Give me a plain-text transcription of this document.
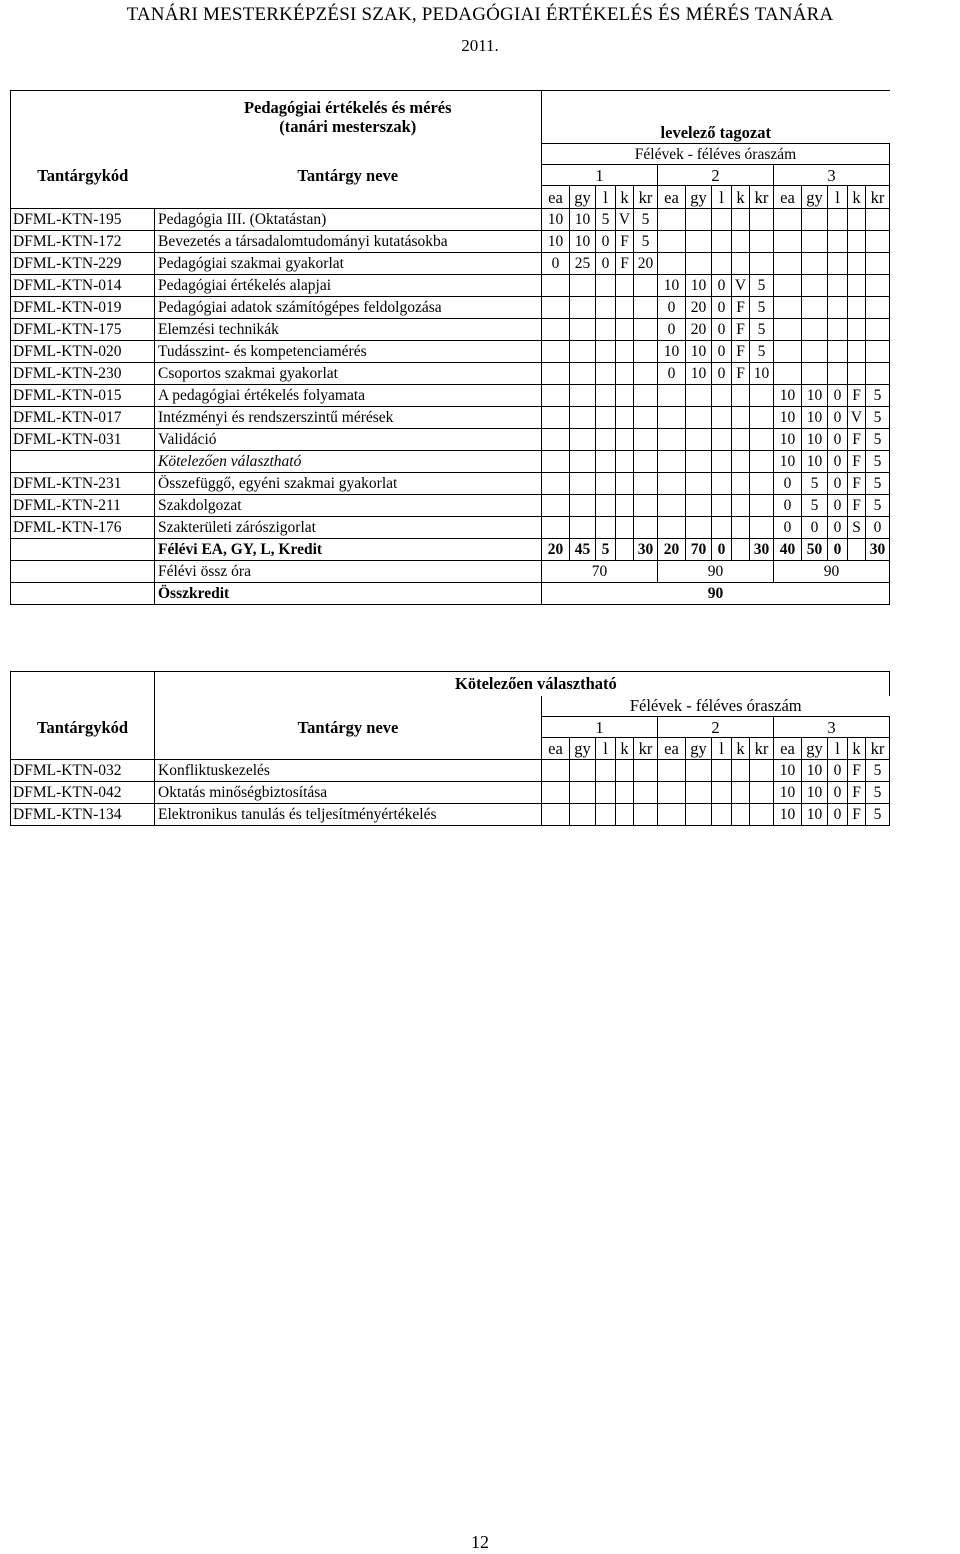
TANÁRI MESTERKÉPZÉSI SZAK, PEDAGÓGIAI ÉRTÉKELÉS ÉS MÉRÉS TANÁRA
2011.

	Pedagógiai értékelés és mérés
(tanári mesterszak)	levelező tagozat														

Tantárgykód	Tantárgy neve	Félévek - féléves óraszám														
		1					2					3				
		ea	gy	l	k	kr	ea	gy	l	k	kr	ea	gy	l	k	kr
DFML-KTN-195	Pedagógia III. (Oktatástan)	10	10	5	V	5										
DFML-KTN-172	Bevezetés a társadalomtudományi kutatásokba	10	10	0	F	5										
DFML-KTN-229	Pedagógiai szakmai gyakorlat	0	25	0	F	20										
DFML-KTN-014	Pedagógiai értékelés alapjai						10	10	0	V	5					
DFML-KTN-019	Pedagógiai adatok számítógépes feldolgozása						0	20	0	F	5					
DFML-KTN-175	Elemzési technikák						0	20	0	F	5					
DFML-KTN-020	Tudásszint- és kompetenciamérés						10	10	0	F	5					
DFML-KTN-230	Csoportos szakmai gyakorlat						0	10	0	F	10					
DFML-KTN-015	A pedagógiai értékelés folyamata											10	10	0	F	5
DFML-KTN-017	Intézményi és rendszerszintű mérések											10	10	0	V	5
DFML-KTN-031	Validáció											10	10	0	F	5
	Kötelezően választható											10	10	0	F	5
DFML-KTN-231	Összefüggő, egyéni szakmai gyakorlat											0	5	0	F	5
DFML-KTN-211	Szakdolgozat											0	5	0	F	5
DFML-KTN-176	Szakterületi zárószigorlat											0	0	0	S	0
	Félévi EA, GY, L, Kredit	20	45	5		30	20	70	0		30	40	50	0		30
	Félévi össz óra	70					90					90				
	Összkredit	90														
	Kötelezően választható															
Tantárgykód	Tantárgy neve	Félévek - féléves óraszám														
		1					2					3				
		ea	gy	l	k	kr	ea	gy	l	k	kr	ea	gy	l	k	kr
DFML-KTN-032	Konfliktuskezelés											10	10	0	F	5
DFML-KTN-042	Oktatás minőségbiztosítása											10	10	0	F	5
DFML-KTN-134	Elektronikus tanulás és teljesítményértékelés											10	10	0	F	5
12
